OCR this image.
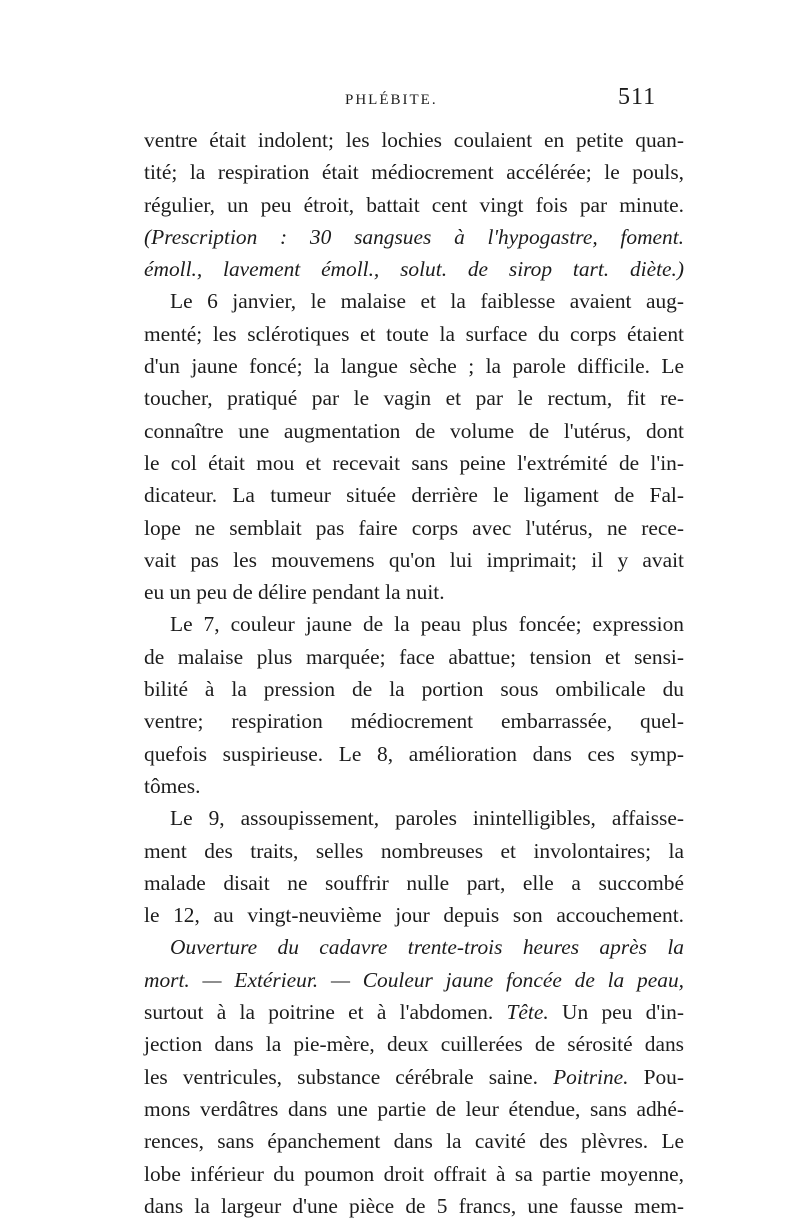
PHLÉBITE.	511
ventre était indolent; les lochies coulaient en petite quan-
tité; la respiration était médiocrement accélérée; le pouls,
régulier, un peu étroit, battait cent vingt fois par minute.
(Prescription : 30 sangsues à l'hypogastre, foment.
émoll., lavement émoll., solut. de sirop tart. diète.)
Le 6 janvier, le malaise et la faiblesse avaient aug-
menté; les sclérotiques et toute la surface du corps étaient
d'un jaune foncé; la langue sèche ; la parole difficile. Le
toucher, pratiqué par le vagin et par le rectum, fit re-
connaître une augmentation de volume de l'utérus, dont
le col était mou et recevait sans peine l'extrémité de l'in-
dicateur. La tumeur située derrière le ligament de Fal-
lope ne semblait pas faire corps avec l'utérus, ne rece-
vait pas les mouvemens qu'on lui imprimait; il y avait
eu un peu de délire pendant la nuit.
Le 7, couleur jaune de la peau plus foncée; expression
de malaise plus marquée; face abattue; tension et sensi-
bilité à la pression de la portion sous ombilicale du
ventre; respiration médiocrement embarrassée, quel-
quefois suspirieuse. Le 8, amélioration dans ces symp-
tômes.
Le 9, assoupissement, paroles inintelligibles, affaisse-
ment des traits, selles nombreuses et involontaires; la
malade disait ne souffrir nulle part, elle a succombé
le 12, au vingt-neuvième jour depuis son accouchement.
Ouverture du cadavre trente-trois heures après la
mort. — Extérieur. — Couleur jaune foncée de la peau,
surtout à la poitrine et à l'abdomen. Tête. Un peu d'in-
jection dans la pie-mère, deux cuillerées de sérosité dans
les ventricules, substance cérébrale saine. Poitrine. Pou-
mons verdâtres dans une partie de leur étendue, sans adhé-
rences, sans épanchement dans la cavité des plèvres. Le
lobe inférieur du poumon droit offrait à sa partie moyenne,
dans la largeur d'une pièce de 5 francs, une fausse mem-
